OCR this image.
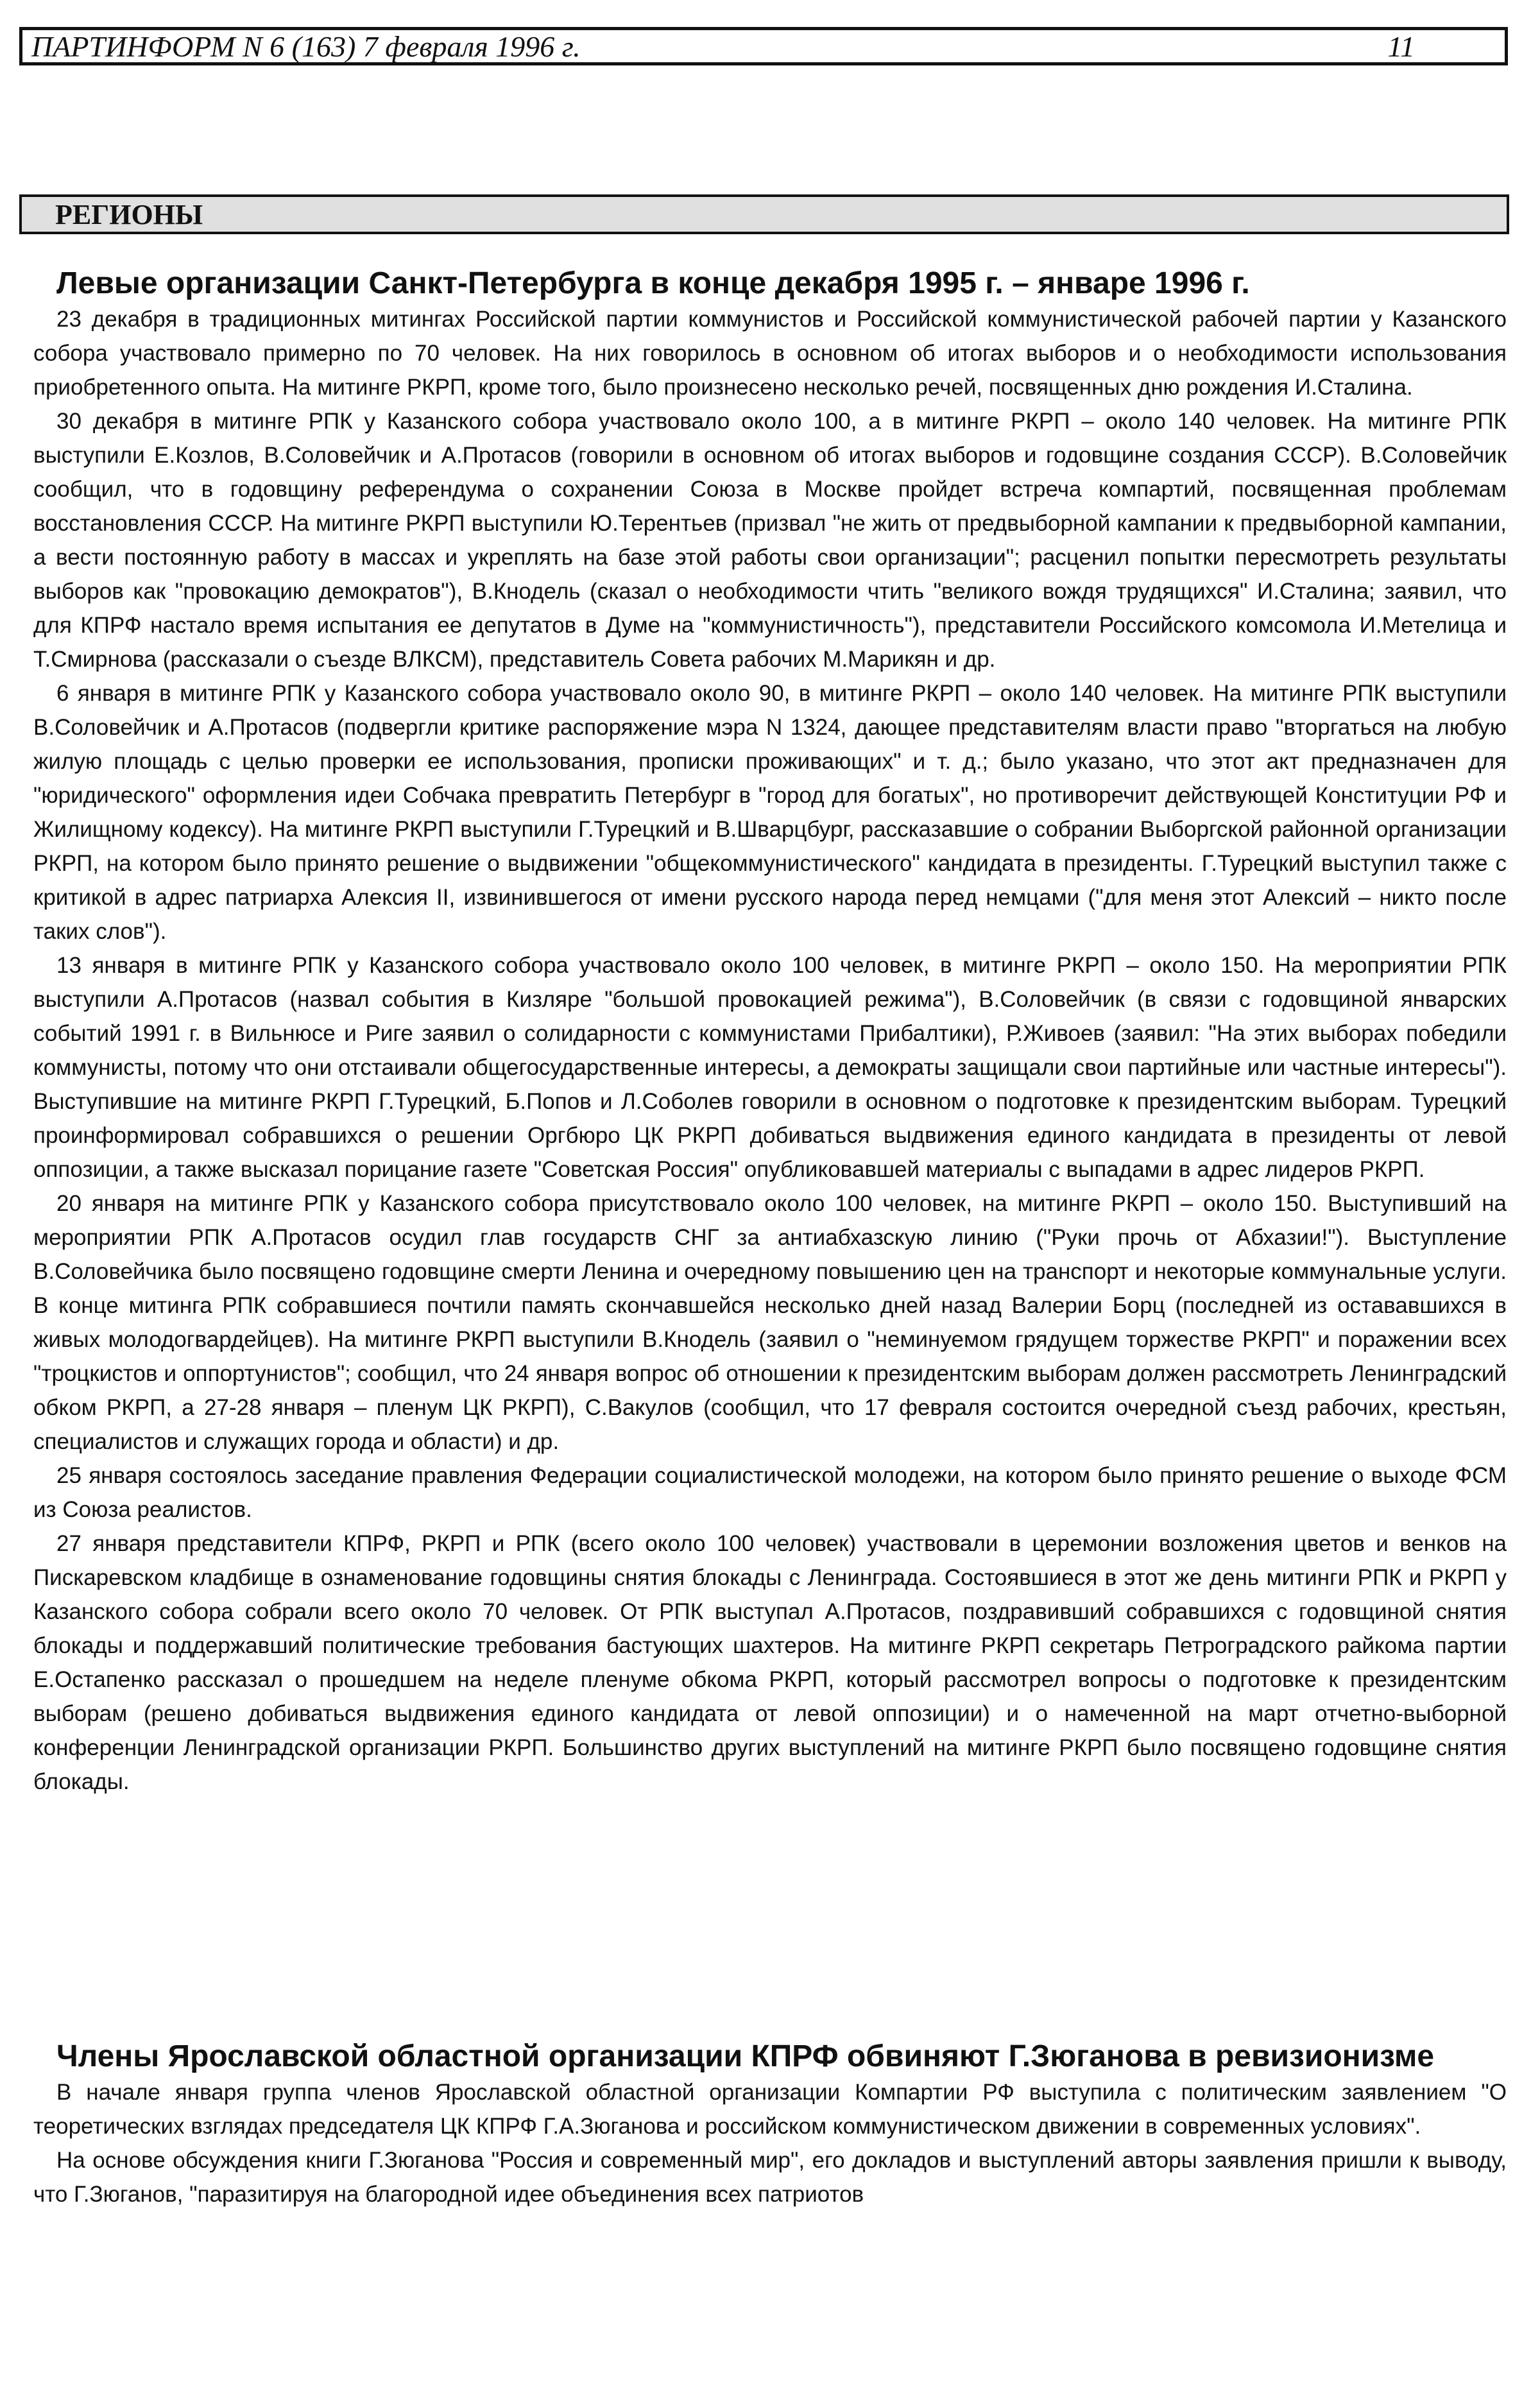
ПАРТИНФОРМ N 6 (163) 7 февраля 1996 г.	11
РЕГИОНЫ
Левые организации Санкт-Петербурга в конце декабря 1995 г. – январе 1996 г.

23 декабря в традиционных митингах Российской партии коммунистов и Российской коммунистической рабочей партии у Казанского собора участвовало примерно по 70 человек. На них говорилось в основном об итогах выборов и о необходимости использования приобретенного опыта. На митинге РКРП, кроме того, было произнесено несколько речей, посвященных дню рождения И.Сталина.

30 декабря в митинге РПК у Казанского собора участвовало около 100, а в митинге РКРП – около 140 человек. На митинге РПК выступили Е.Козлов, В.Соловейчик и А.Протасов (говорили в основном об итогах выборов и годовщине создания СССР). В.Соловейчик сообщил, что в годовщину референдума о сохранении Союза в Москве пройдет встреча компартий, посвященная проблемам восстановления СССР. На митинге РКРП выступили Ю.Терентьев (призвал "не жить от предвыборной кампании к предвыборной кампании, а вести постоянную работу в массах и укреплять на базе этой работы свои организации"; расценил попытки пересмотреть результаты выборов как "провокацию демократов"), В.Кнодель (сказал о необходимости чтить "великого вождя трудящихся" И.Сталина; заявил, что для КПРФ настало время испытания ее депутатов в Думе на "коммунистичность"), представители Российского комсомола И.Метелица и Т.Смирнова (рассказали о съезде ВЛКСМ), представитель Совета рабочих М.Марикян и др.

6 января в митинге РПК у Казанского собора участвовало около 90, в митинге РКРП – около 140 человек. На митинге РПК выступили В.Соловейчик и А.Протасов (подвергли критике распоряжение мэра N 1324, дающее представителям власти право "вторгаться на любую жилую площадь с целью проверки ее использования, прописки проживающих" и т. д.; было указано, что этот акт предназначен для "юридического" оформления идеи Собчака превратить Петербург в "город для богатых", но противоречит действующей Конституции РФ и Жилищному кодексу). На митинге РКРП выступили Г.Турецкий и В.Шварцбург, рассказавшие о собрании Выборгской районной организации РКРП, на котором было принято решение о выдвижении "общекоммунистического" кандидата в президенты. Г.Турецкий выступил также с критикой в адрес патриарха Алексия II, извинившегося от имени русского народа перед немцами ("для меня этот Алексий – никто после таких слов").

13 января в митинге РПК у Казанского собора участвовало около 100 человек, в митинге РКРП – около 150. На мероприятии РПК выступили А.Протасов (назвал события в Кизляре "большой провокацией режима"), В.Соловейчик (в связи с годовщиной январских событий 1991 г. в Вильнюсе и Риге заявил о солидарности с коммунистами Прибалтики), Р.Живоев (заявил: "На этих выборах победили коммунисты, потому что они отстаивали общегосударственные интересы, а демократы защищали свои партийные или частные интересы"). Выступившие на митинге РКРП Г.Турецкий, Б.Попов и Л.Соболев говорили в основном о подготовке к президентским выборам. Турецкий проинформировал собравшихся о решении Оргбюро ЦК РКРП добиваться выдвижения единого кандидата в президенты от левой оппозиции, а также высказал порицание газете "Советская Россия" опубликовавшей материалы с выпадами в адрес лидеров РКРП.

20 января на митинге РПК у Казанского собора присутствовало около 100 человек, на митинге РКРП – около 150. Выступивший на мероприятии РПК А.Протасов осудил глав государств СНГ за антиабхазскую линию ("Руки прочь от Абхазии!"). Выступление В.Соловейчика было посвящено годовщине смерти Ленина и очередному повышению цен на транспорт и некоторые коммунальные услуги. В конце митинга РПК собравшиеся почтили память скончавшейся несколько дней назад Валерии Борц (последней из остававшихся в живых молодогвардейцев). На митинге РКРП выступили В.Кнодель (заявил о "неминуемом грядущем торжестве РКРП" и поражении всех "троцкистов и оппортунистов"; сообщил, что 24 января вопрос об отношении к президентским выборам должен рассмотреть Ленинградский обком РКРП, а 27-28 января – пленум ЦК РКРП), С.Вакулов (сообщил, что 17 февраля состоится очередной съезд рабочих, крестьян, специалистов и служащих города и области) и др.

25 января состоялось заседание правления Федерации социалистической молодежи, на котором было принято решение о выходе ФСМ из Союза реалистов.

27 января представители КПРФ, РКРП и РПК (всего около 100 человек) участвовали в церемонии возложения цветов и венков на Пискаревском кладбище в ознаменование годовщины снятия блокады с Ленинграда. Состоявшиеся в этот же день митинги РПК и РКРП у Казанского собора собрали всего около 70 человек. От РПК выступал А.Протасов, поздравивший собравшихся с годовщиной снятия блокады и поддержавший политические требования бастующих шахтеров. На митинге РКРП секретарь Петроградского райкома партии Е.Остапенко рассказал о прошедшем на неделе пленуме обкома РКРП, который рассмотрел вопросы о подготовке к президентским выборам (решено добиваться выдвижения единого кандидата от левой оппозиции) и о намеченной на март отчетно-выборной конференции Ленинградской организации РКРП. Большинство других выступлений на митинге РКРП было посвящено годовщине снятия блокады.

Члены Ярославской областной организации КПРФ обвиняют Г.Зюганова в ревизионизме

В начале января группа членов Ярославской областной организации Компартии РФ выступила с политическим заявлением "О теоретических взглядах председателя ЦК КПРФ Г.А.Зюганова и российском коммунистическом движении в современных условиях".

На основе обсуждения книги Г.Зюганова "Россия и современный мир", его докладов и выступлений авторы заявления пришли к выводу, что Г.Зюганов, "паразитируя на благородной идее объединения всех патриотов
